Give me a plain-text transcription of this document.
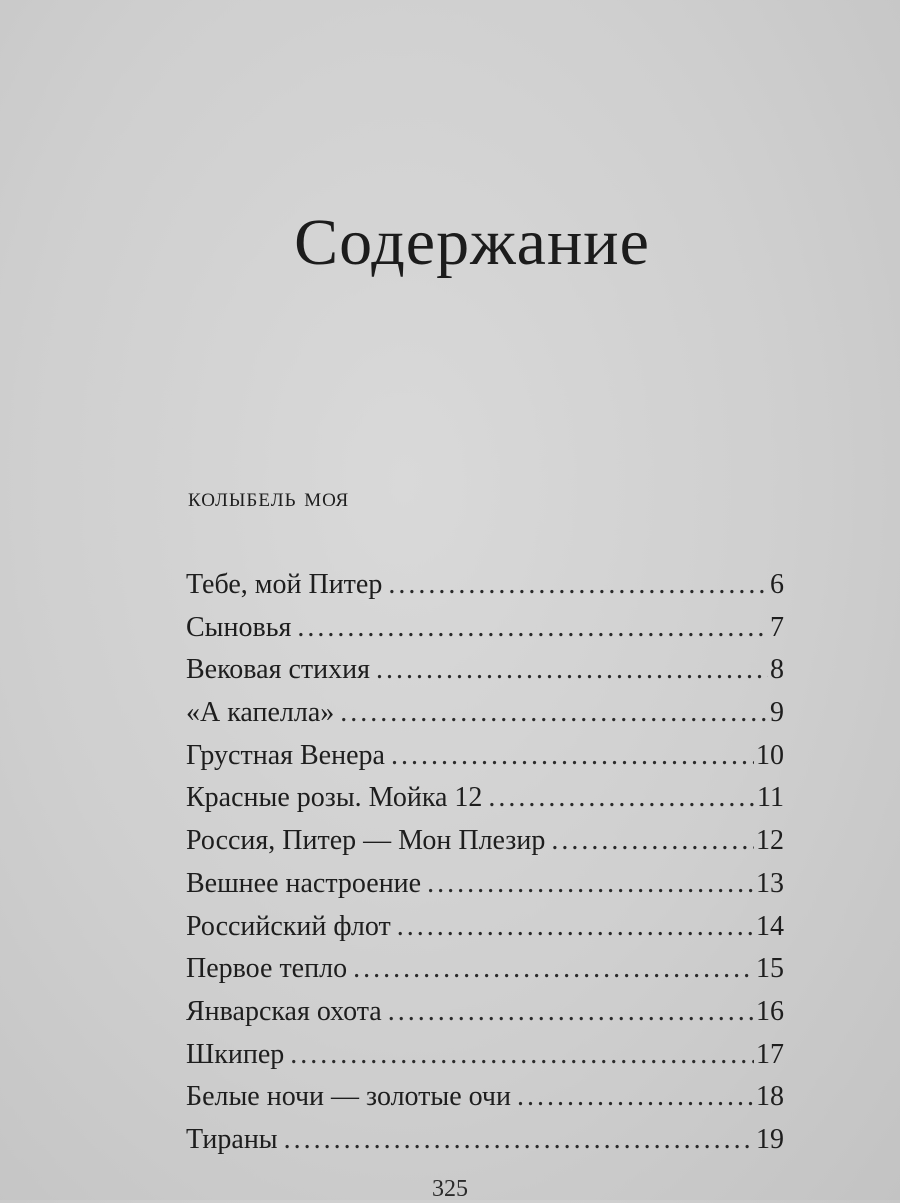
Содержание
колыбель моя
Тебе, мой Питер .....	6
Сыновья .....	7
Вековая стихия .....	8
«А капелла» .....	9
Грустная Венера .....	10
Красные розы. Мойка 12 .....	11
Россия, Питер — Мон Плезир .....	12
Вешнее настроение .....	13
Российский флот .....	14
Первое тепло .....	15
Январская охота .....	16
Шкипер .....	17
Белые ночи — золотые очи .....	18
Тираны .....	19
325
